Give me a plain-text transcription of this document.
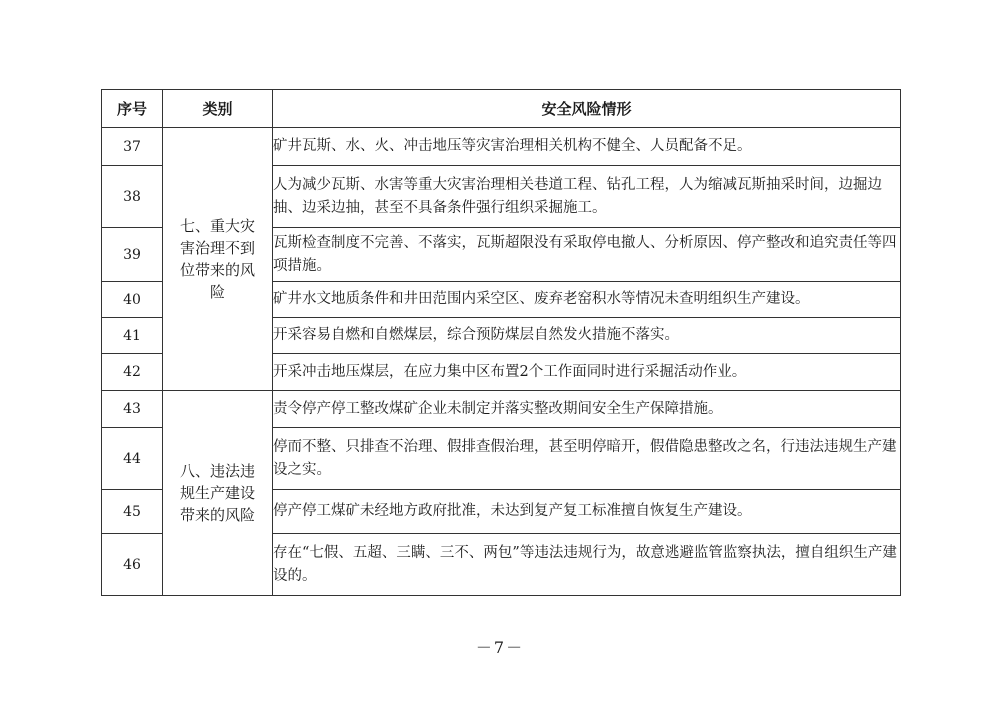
序号	类别	安全风险情形
37	七、重大灾害治理不到位带来的风险	矿井瓦斯、水、火、冲击地压等灾害治理相关机构不健全、人员配备不足。
38		人为减少瓦斯、水害等重大灾害治理相关巷道工程、钻孔工程，人为缩减瓦斯抽采时间，边掘边抽、边采边抽，甚至不具备条件强行组织采掘施工。
39		瓦斯检查制度不完善、不落实，瓦斯超限没有采取停电撤人、分析原因、停产整改和追究责任等四项措施。
40		矿井水文地质条件和井田范围内采空区、废弃老窑积水等情况未查明组织生产建设。
41		开采容易自燃和自燃煤层，综合预防煤层自然发火措施不落实。
42		开采冲击地压煤层，在应力集中区布置2个工作面同时进行采掘活动作业。
43	八、违法违规生产建设带来的风险	责令停产停工整改煤矿企业未制定并落实整改期间安全生产保障措施。
44		停而不整、只排查不治理、假排查假治理，甚至明停暗开，假借隐患整改之名，行违法违规生产建设之实。
45		停产停工煤矿未经地方政府批准，未达到复产复工标准擅自恢复生产建设。
46		存在“七假、五超、三瞒、三不、两包”等违法违规行为，故意逃避监管监察执法，擅自组织生产建设的。
－7－
